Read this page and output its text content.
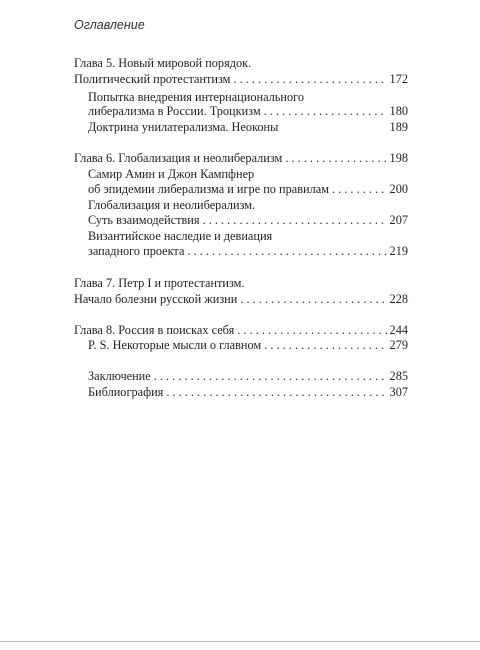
Оглавление
Глава 5. Новый мировой порядок.
Политический протестантизм . . .	172
Попытка внедрения интернационального
либерализма в России. Троцкизм . . .	180
Доктрина унилатерализма. Неоконы	189
Глава 6. Глобализация и неолиберализм . . .	198
Самир Амин и Джон Кампфнер
об эпидемии либерализма и игре по правилам . . .	200
Глобализация и неолиберализм.
Суть взаимодействия . . .	207
Византийское наследие и девиация
западного проекта . . .	219
Глава 7. Петр I и протестантизм.
Начало болезни русской жизни . . .	228
Глава 8. Россия в поисках себя . . .	244
P. S. Некоторые мысли о главном . . .	279
Заключение . . .	285
Библиография . . .	307
